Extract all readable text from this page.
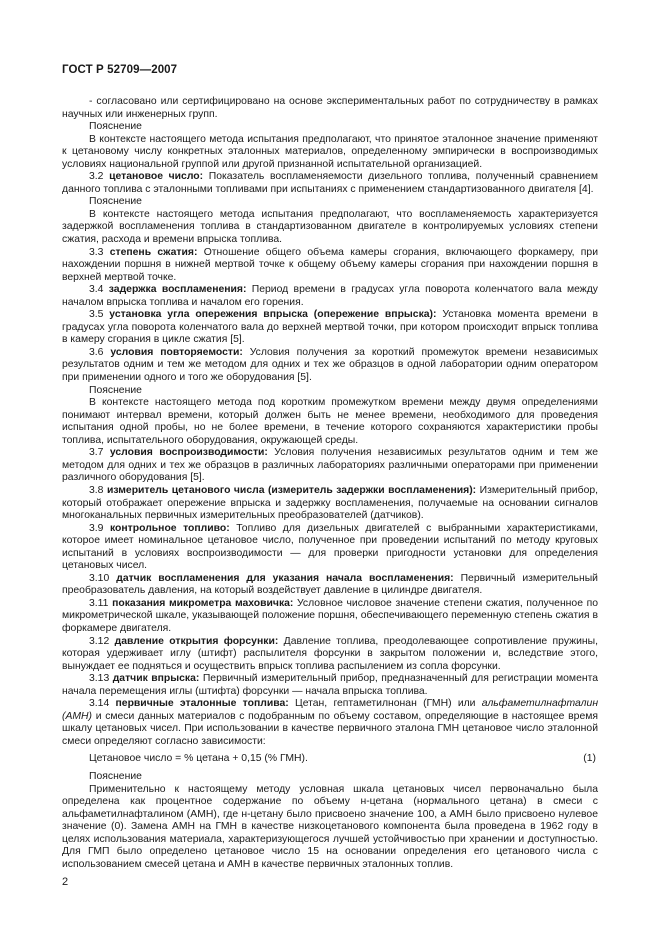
ГОСТ Р 52709—2007

- согласовано или сертифицировано на основе экспериментальных работ по сотрудничеству в рамках научных или инженерных групп.

Пояснение

В контексте настоящего метода испытания предполагают, что принятое эталонное значение применяют к цетановому числу конкретных эталонных материалов, определенному эмпирически в воспроизводимых условиях национальной группой или другой признанной испытательной организацией.

3.2 цетановое число: Показатель воспламеняемости дизельного топлива, полученный сравнением данного топлива с эталонными топливами при испытаниях с применением стандартизованного двигателя [4].

Пояснение

В контексте настоящего метода испытания предполагают, что воспламеняемость характеризуется задержкой воспламенения топлива в стандартизованном двигателе в контролируемых условиях степени сжатия, расхода и времени впрыска топлива.

3.3 степень сжатия: Отношение общего объема камеры сгорания, включающего форкамеру, при нахождении поршня в нижней мертвой точке к общему объему камеры сгорания при нахождении поршня в верхней мертвой точке.

3.4 задержка воспламенения: Период времени в градусах угла поворота коленчатого вала между началом впрыска топлива и началом его горения.

3.5 установка угла опережения впрыска (опережение впрыска): Установка момента времени в градусах угла поворота коленчатого вала до верхней мертвой точки, при котором происходит впрыск топлива в камеру сгорания в цикле сжатия [5].

3.6 условия повторяемости: Условия получения за короткий промежуток времени независимых результатов одним и тем же методом для одних и тех же образцов в одной лаборатории одним оператором при применении одного и того же оборудования [5].

Пояснение

В контексте настоящего метода под коротким промежутком времени между двумя определениями понимают интервал времени, который должен быть не менее времени, необходимого для проведения испытания одной пробы, но не более времени, в течение которого сохраняются характеристики пробы топлива, испытательного оборудования, окружающей среды.

3.7 условия воспроизводимости: Условия получения независимых результатов одним и тем же методом для одних и тех же образцов в различных лабораториях различными операторами при применении различного оборудования [5].

3.8 измеритель цетанового числа (измеритель задержки воспламенения): Измерительный прибор, который отображает опережение впрыска и задержку воспламенения, получаемые на основании сигналов многоканальных первичных измерительных преобразователей (датчиков).

3.9 контрольное топливо: Топливо для дизельных двигателей с выбранными характеристиками, которое имеет номинальное цетановое число, полученное при проведении испытаний по методу круговых испытаний в условиях воспроизводимости — для проверки пригодности установки для определения цетановых чисел.

3.10 датчик воспламенения для указания начала воспламенения: Первичный измерительный преобразователь давления, на который воздействует давление в цилиндре двигателя.

3.11 показания микрометра маховичка: Условное числовое значение степени сжатия, полученное по микрометрической шкале, указывающей положение поршня, обеспечивающего переменную степень сжатия в форкамере двигателя.

3.12 давление открытия форсунки: Давление топлива, преодолевающее сопротивление пружины, которая удерживает иглу (штифт) распылителя форсунки в закрытом положении и, вследствие этого, вынуждает ее подняться и осуществить впрыск топлива распылением из сопла форсунки.

3.13 датчик впрыска: Первичный измерительный прибор, предназначенный для регистрации момента начала перемещения иглы (штифта) форсунки — начала впрыска топлива.

3.14 первичные эталонные топлива: Цетан, гептаметилнонан (ГМН) или альфаметилнафталин (АМН) и смеси данных материалов с подобранным по объему составом, определяющие в настоящее время шкалу цетановых чисел. При использовании в качестве первичного эталона ГМН цетановое число эталонной смеси определяют согласно зависимости:

Цетановое число = % цетана + 0,15 (% ГМН).	(1)

Пояснение

Применительно к настоящему методу условная шкала цетановых чисел первоначально была определена как процентное содержание по объему н-цетана (нормального цетана) в смеси с альфаметилнафталином (АМН), где н-цетану было присвоено значение 100, а АМН было присвоено нулевое значение (0). Замена АМН на ГМН в качестве низкоцетанового компонента была проведена в 1962 году в целях использования материала, характеризующегося лучшей устойчивостью при хранении и доступностью. Для ГМП было определено цетановое число 15 на основании определения его цетанового числа с использованием смесей цетана и АМН в качестве первичных эталонных топлив.

2
